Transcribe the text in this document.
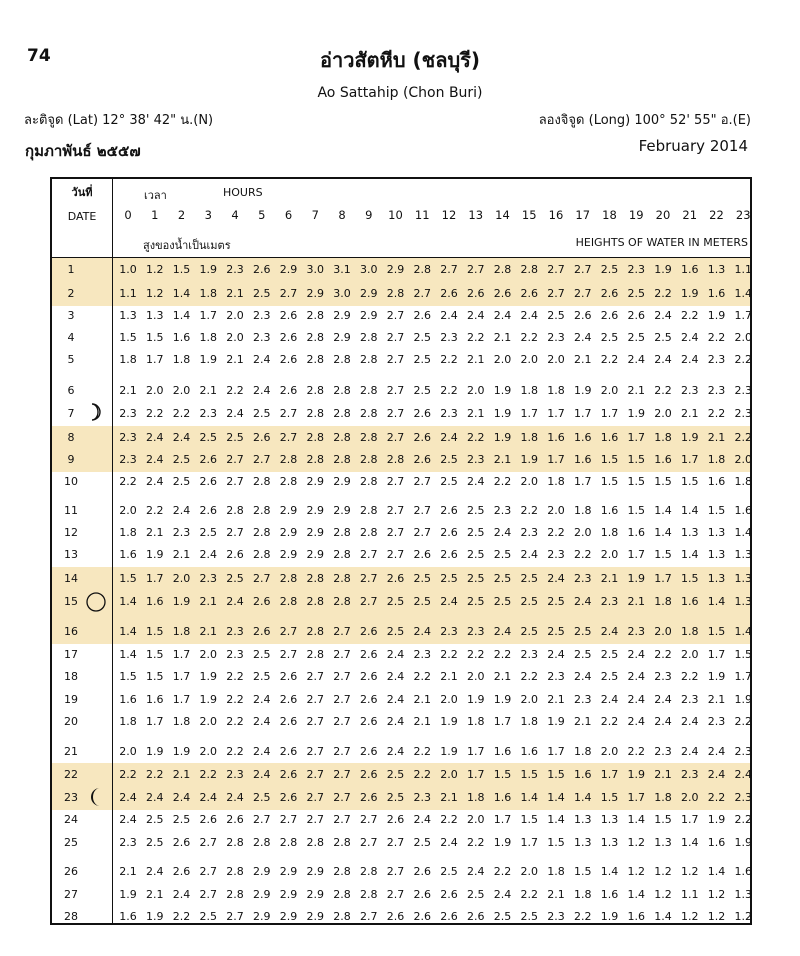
74	อ่าวสัตหีบ (ชลบุรี)
Ao Sattahip (Chon Buri)
ละติจูด (Lat) 12° 38' 42" น.(N)	ลองจิจูด (Long) 100° 52' 55" อ.(E)
กุมภาพันธ์ ๒๕๕๗	February 2014
วันที่
DATE
เวลา	HOURS
สูงของน้ำเป็นเมตร	HEIGHTS OF WATER IN METERS
0	1	2	3	4	5	6	7	8	9	10	11	12	13	14	15	16	17	18	19	20	21	22	23
1	1.0 1.2 1.5 1.9 2.3 2.6 2.9 3.0 3.1 3.0 2.9 2.8 2.7 2.7 2.8 2.8 2.7 2.7 2.5 2.3 1.9 1.6 1.3 1.1
2	1.1 1.2 1.4 1.8 2.1 2.5 2.7 2.9 3.0 2.9 2.8 2.7 2.6 2.6 2.6 2.6 2.7 2.7 2.6 2.5 2.2 1.9 1.6 1.4
3	1.3 1.3 1.4 1.7 2.0 2.3 2.6 2.8 2.9 2.9 2.7 2.6 2.4 2.4 2.4 2.4 2.5 2.6 2.6 2.6 2.4 2.2 1.9 1.7
4	1.5 1.5 1.6 1.8 2.0 2.3 2.6 2.8 2.9 2.8 2.7 2.5 2.3 2.2 2.1 2.2 2.3 2.4 2.5 2.5 2.5 2.4 2.2 2.0
5	1.8 1.7 1.8 1.9 2.1 2.4 2.6 2.8 2.8 2.8 2.7 2.5 2.2 2.1 2.0 2.0 2.0 2.1 2.2 2.4 2.4 2.4 2.3 2.2
6	2.1 2.0 2.0 2.1 2.2 2.4 2.6 2.8 2.8 2.8 2.7 2.5 2.2 2.0 1.9 1.8 1.8 1.9 2.0 2.1 2.2 2.3 2.3 2.3
7	2.3 2.2 2.2 2.3 2.4 2.5 2.7 2.8 2.8 2.8 2.7 2.6 2.3 2.1 1.9 1.7 1.7 1.7 1.7 1.9 2.0 2.1 2.2 2.3
8	2.3 2.4 2.4 2.5 2.5 2.6 2.7 2.8 2.8 2.8 2.7 2.6 2.4 2.2 1.9 1.8 1.6 1.6 1.6 1.7 1.8 1.9 2.1 2.2
9	2.3 2.4 2.5 2.6 2.7 2.7 2.8 2.8 2.8 2.8 2.8 2.6 2.5 2.3 2.1 1.9 1.7 1.6 1.5 1.5 1.6 1.7 1.8 2.0
10	2.2 2.4 2.5 2.6 2.7 2.8 2.8 2.9 2.9 2.8 2.7 2.7 2.5 2.4 2.2 2.0 1.8 1.7 1.5 1.5 1.5 1.5 1.6 1.8
11	2.0 2.2 2.4 2.6 2.8 2.8 2.9 2.9 2.9 2.8 2.7 2.7 2.6 2.5 2.3 2.2 2.0 1.8 1.6 1.5 1.4 1.4 1.5 1.6
12	1.8 2.1 2.3 2.5 2.7 2.8 2.9 2.9 2.8 2.8 2.7 2.7 2.6 2.5 2.4 2.3 2.2 2.0 1.8 1.6 1.4 1.3 1.3 1.4
13	1.6 1.9 2.1 2.4 2.6 2.8 2.9 2.9 2.8 2.7 2.7 2.6 2.6 2.5 2.5 2.4 2.3 2.2 2.0 1.7 1.5 1.4 1.3 1.3
14	1.5 1.7 2.0 2.3 2.5 2.7 2.8 2.8 2.8 2.7 2.6 2.5 2.5 2.5 2.5 2.5 2.4 2.3 2.1 1.9 1.7 1.5 1.3 1.3
15	1.4 1.6 1.9 2.1 2.4 2.6 2.8 2.8 2.8 2.7 2.5 2.5 2.4 2.5 2.5 2.5 2.5 2.4 2.3 2.1 1.8 1.6 1.4 1.3
16	1.4 1.5 1.8 2.1 2.3 2.6 2.7 2.8 2.7 2.6 2.5 2.4 2.3 2.3 2.4 2.5 2.5 2.5 2.4 2.3 2.0 1.8 1.5 1.4
17	1.4 1.5 1.7 2.0 2.3 2.5 2.7 2.8 2.7 2.6 2.4 2.3 2.2 2.2 2.2 2.3 2.4 2.5 2.5 2.4 2.2 2.0 1.7 1.5
18	1.5 1.5 1.7 1.9 2.2 2.5 2.6 2.7 2.7 2.6 2.4 2.2 2.1 2.0 2.1 2.2 2.3 2.4 2.5 2.4 2.3 2.2 1.9 1.7
19	1.6 1.6 1.7 1.9 2.2 2.4 2.6 2.7 2.7 2.6 2.4 2.1 2.0 1.9 1.9 2.0 2.1 2.3 2.4 2.4 2.4 2.3 2.1 1.9
20	1.8 1.7 1.8 2.0 2.2 2.4 2.6 2.7 2.7 2.6 2.4 2.1 1.9 1.8 1.7 1.8 1.9 2.1 2.2 2.4 2.4 2.4 2.3 2.2
21	2.0 1.9 1.9 2.0 2.2 2.4 2.6 2.7 2.7 2.6 2.4 2.2 1.9 1.7 1.6 1.6 1.7 1.8 2.0 2.2 2.3 2.4 2.4 2.3
22	2.2 2.2 2.1 2.2 2.3 2.4 2.6 2.7 2.7 2.6 2.5 2.2 2.0 1.7 1.5 1.5 1.5 1.6 1.7 1.9 2.1 2.3 2.4 2.4
23	2.4 2.4 2.4 2.4 2.4 2.5 2.6 2.7 2.7 2.6 2.5 2.3 2.1 1.8 1.6 1.4 1.4 1.4 1.5 1.7 1.8 2.0 2.2 2.3
24	2.4 2.5 2.5 2.6 2.6 2.7 2.7 2.7 2.7 2.7 2.6 2.4 2.2 2.0 1.7 1.5 1.4 1.3 1.3 1.4 1.5 1.7 1.9 2.2
25	2.3 2.5 2.6 2.7 2.8 2.8 2.8 2.8 2.8 2.7 2.7 2.5 2.4 2.2 1.9 1.7 1.5 1.3 1.3 1.2 1.3 1.4 1.6 1.9
26	2.1 2.4 2.6 2.7 2.8 2.9 2.9 2.9 2.8 2.8 2.7 2.6 2.5 2.4 2.2 2.0 1.8 1.5 1.4 1.2 1.2 1.2 1.4 1.6
27	1.9 2.1 2.4 2.7 2.8 2.9 2.9 2.9 2.8 2.8 2.7 2.6 2.6 2.5 2.4 2.2 2.1 1.8 1.6 1.4 1.2 1.1 1.2 1.3
28	1.6 1.9 2.2 2.5 2.7 2.9 2.9 2.9 2.8 2.7 2.6 2.6 2.6 2.6 2.5 2.5 2.3 2.2 1.9 1.6 1.4 1.2 1.2 1.2
